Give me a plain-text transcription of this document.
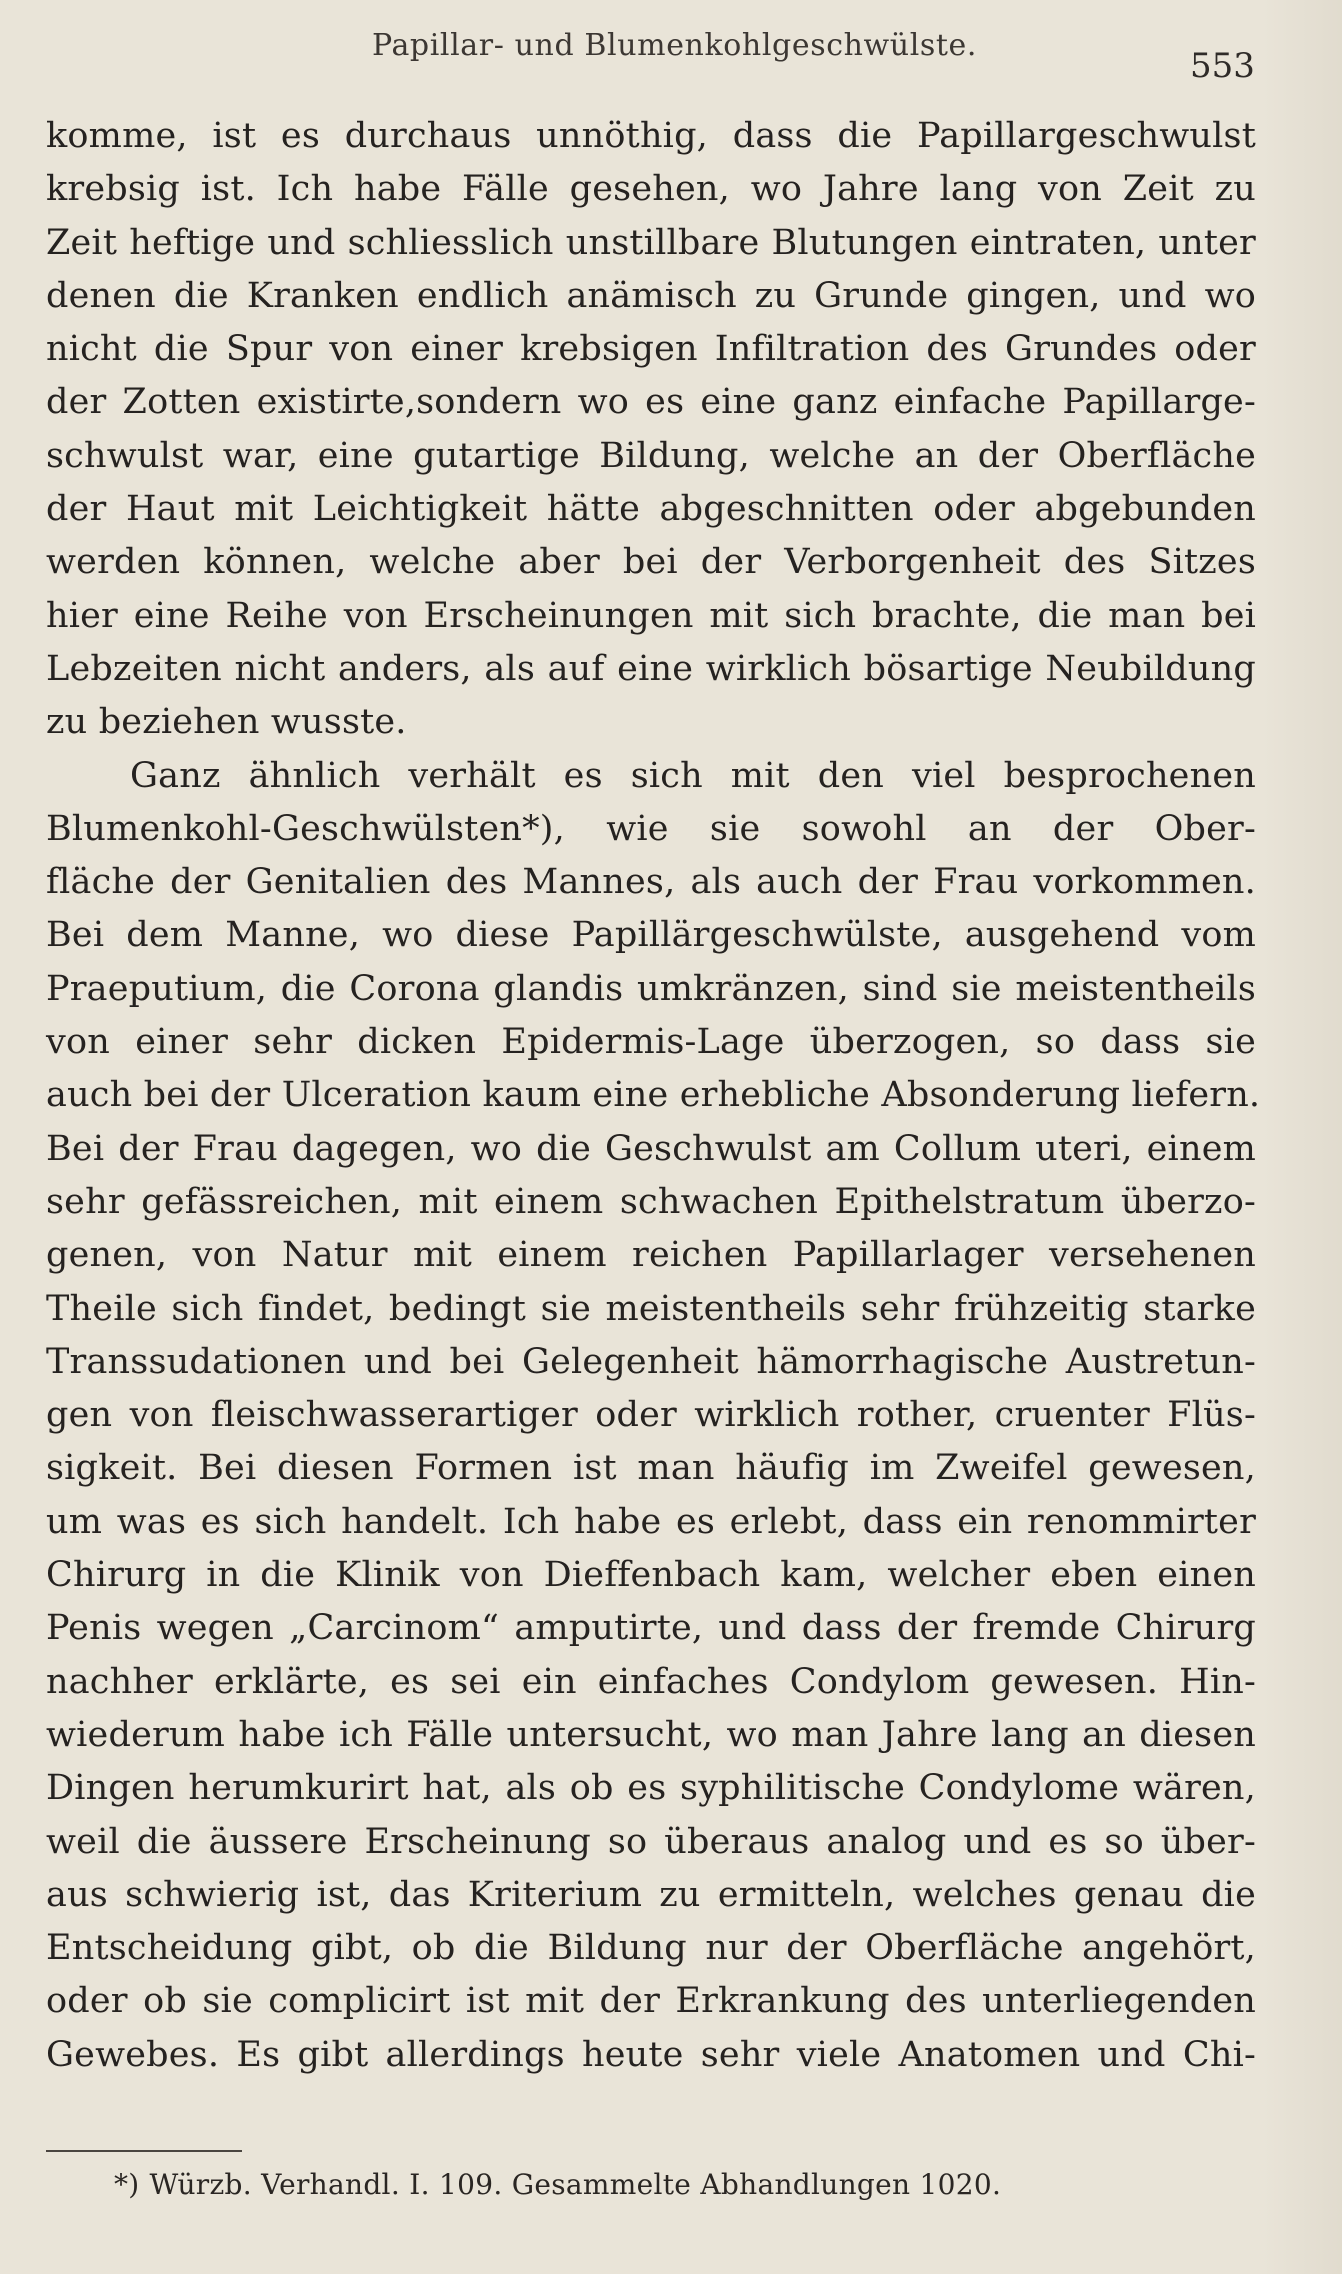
Papillar- und Blumenkohlgeschwülste.
553
komme, ist es durchaus unnöthig, dass die Papillargeschwulst
krebsig ist. Ich habe Fälle gesehen, wo Jahre lang von Zeit zu
Zeit heftige und schliesslich unstillbare Blutungen eintraten, unter
denen die Kranken endlich anämisch zu Grunde gingen, und wo
nicht die Spur von einer krebsigen Infiltration des Grundes oder
der Zotten existirte,sondern wo es eine ganz einfache Papillarge-
schwulst war, eine gutartige Bildung, welche an der Oberfläche
der Haut mit Leichtigkeit hätte abgeschnitten oder abgebunden
werden können, welche aber bei der Verborgenheit des Sitzes
hier eine Reihe von Erscheinungen mit sich brachte, die man bei
Lebzeiten nicht anders, als auf eine wirklich bösartige Neubildung
zu beziehen wusste.
Ganz ähnlich verhält es sich mit den viel besprochenen
Blumenkohl-Geschwülsten*), wie sie sowohl an der Ober-
fläche der Genitalien des Mannes, als auch der Frau vorkommen.
Bei dem Manne, wo diese Papillärgeschwülste, ausgehend vom
Praeputium, die Corona glandis umkränzen, sind sie meistentheils
von einer sehr dicken Epidermis-Lage überzogen, so dass sie
auch bei der Ulceration kaum eine erhebliche Absonderung liefern.
Bei der Frau dagegen, wo die Geschwulst am Collum uteri, einem
sehr gefässreichen, mit einem schwachen Epithelstratum überzo-
genen, von Natur mit einem reichen Papillarlager versehenen
Theile sich findet, bedingt sie meistentheils sehr frühzeitig starke
Transsudationen und bei Gelegenheit hämorrhagische Austretun-
gen von fleischwasserartiger oder wirklich rother, cruenter Flüs-
sigkeit. Bei diesen Formen ist man häufig im Zweifel gewesen,
um was es sich handelt. Ich habe es erlebt, dass ein renommirter
Chirurg in die Klinik von Dieffenbach kam, welcher eben einen
Penis wegen „Carcinom“ amputirte, und dass der fremde Chirurg
nachher erklärte, es sei ein einfaches Condylom gewesen. Hin-
wiederum habe ich Fälle untersucht, wo man Jahre lang an diesen
Dingen herumkurirt hat, als ob es syphilitische Condylome wären,
weil die äussere Erscheinung so überaus analog und es so über-
aus schwierig ist, das Kriterium zu ermitteln, welches genau die
Entscheidung gibt, ob die Bildung nur der Oberfläche angehört,
oder ob sie complicirt ist mit der Erkrankung des unterliegenden
Gewebes. Es gibt allerdings heute sehr viele Anatomen und Chi-
*) Würzb. Verhandl. I. 109. Gesammelte Abhandlungen 1020.
